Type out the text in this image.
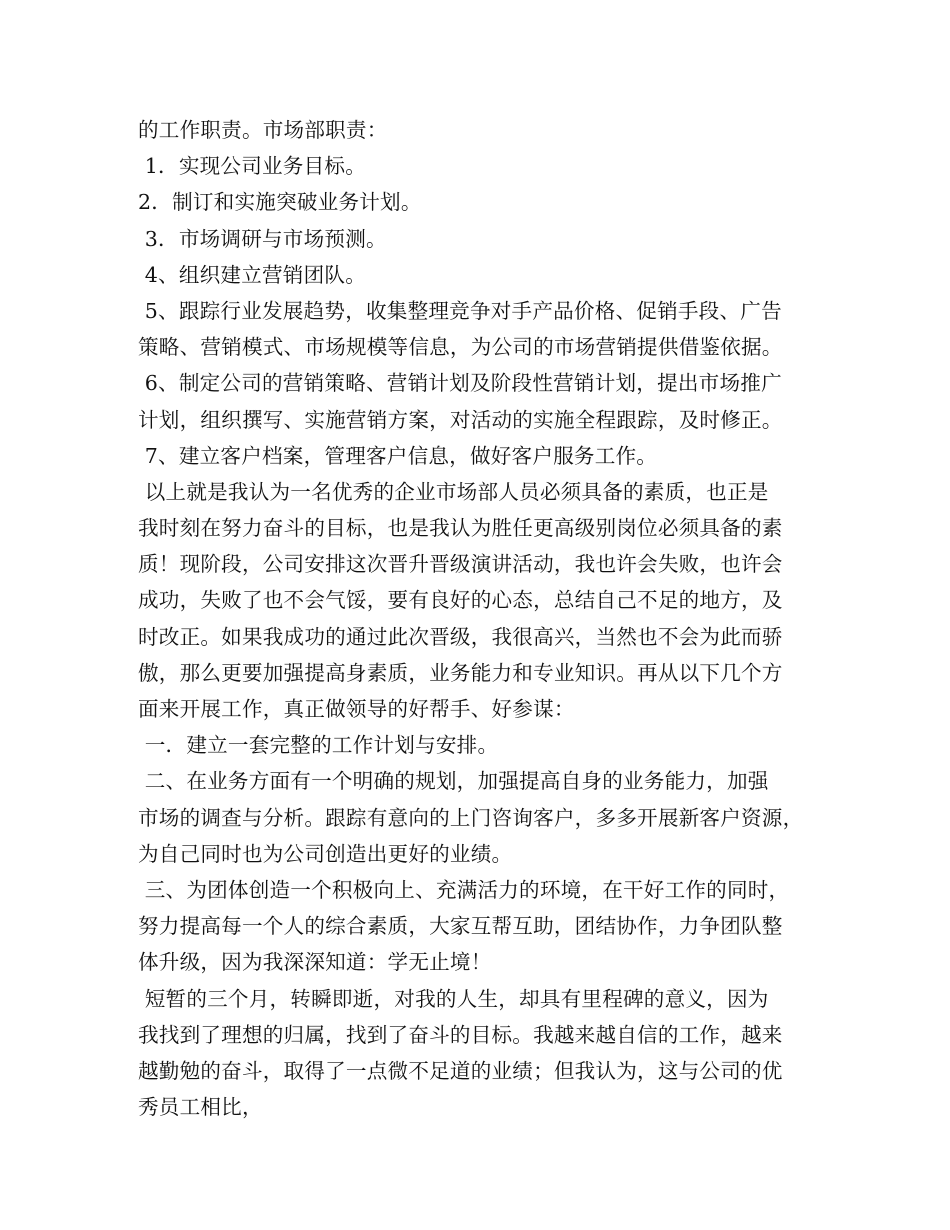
的工作职责。市场部职责：
1．实现公司业务目标。
2．制订和实施突破业务计划。
3．市场调研与市场预测。
4、组织建立营销团队。
5、跟踪行业发展趋势，收集整理竞争对手产品价格、促销手段、广告
策略、营销模式、市场规模等信息，为公司的市场营销提供借鉴依据。
6、制定公司的营销策略、营销计划及阶段性营销计划，提出市场推广
计划，组织撰写、实施营销方案，对活动的实施全程跟踪，及时修正。
7、建立客户档案，管理客户信息，做好客户服务工作。
以上就是我认为一名优秀的企业市场部人员必须具备的素质，也正是
我时刻在努力奋斗的目标，也是我认为胜任更高级别岗位必须具备的素
质！现阶段，公司安排这次晋升晋级演讲活动，我也许会失败，也许会
成功，失败了也不会气馁，要有良好的心态，总结自己不足的地方，及
时改正。如果我成功的通过此次晋级，我很高兴，当然也不会为此而骄
傲，那么更要加强提高身素质，业务能力和专业知识。再从以下几个方
面来开展工作，真正做领导的好帮手、好参谋：
一．建立一套完整的工作计划与安排。
二、在业务方面有一个明确的规划，加强提高自身的业务能力，加强
市场的调查与分析。跟踪有意向的上门咨询客户，多多开展新客户资源，
为自己同时也为公司创造出更好的业绩。
三、为团体创造一个积极向上、充满活力的环境，在干好工作的同时，
努力提高每一个人的综合素质，大家互帮互助，团结协作，力争团队整
体升级，因为我深深知道：学无止境！
短暂的三个月，转瞬即逝，对我的人生，却具有里程碑的意义，因为
我找到了理想的归属，找到了奋斗的目标。我越来越自信的工作，越来
越勤勉的奋斗，取得了一点微不足道的业绩；但我认为，这与公司的优
秀员工相比，
